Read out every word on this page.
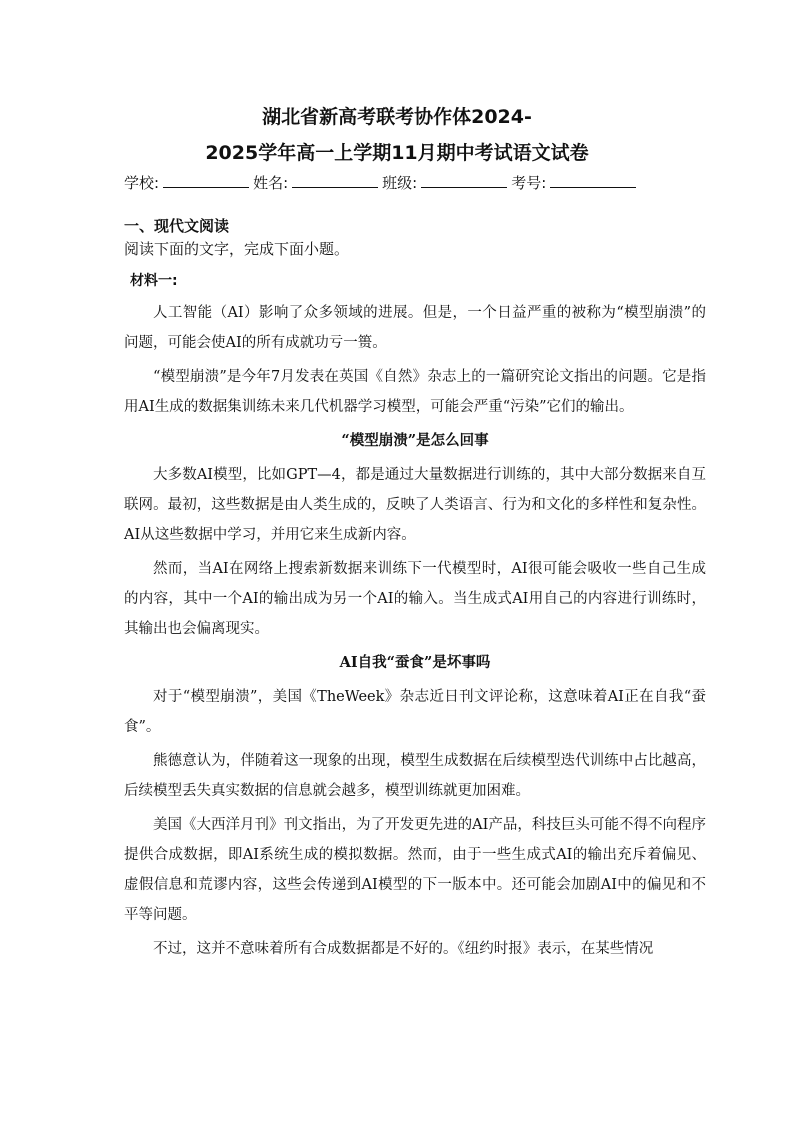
湖北省新高考联考协作体2024-
2025学年高一上学期11月期中考试语文试卷
学校:	姓名:	班级:	考号:
一、现代文阅读
阅读下面的文字，完成下面小题。
材料一:

人工智能（AI）影响了众多领域的进展。但是，一个日益严重的被称为“模型崩溃”的问题，可能会使AI的所有成就功亏一篑。

“模型崩溃”是今年7月发表在英国《自然》杂志上的一篇研究论文指出的问题。它是指用AI生成的数据集训练未来几代机器学习模型，可能会严重“污染”它们的输出。

“模型崩溃”是怎么回事

大多数AI模型，比如GPT—4，都是通过大量数据进行训练的，其中大部分数据来自互联网。最初，这些数据是由人类生成的，反映了人类语言、行为和文化的多样性和复杂性。AI从这些数据中学习，并用它来生成新内容。

然而，当AI在网络上搜索新数据来训练下一代模型时，AI很可能会吸收一些自己生成的内容，其中一个AI的输出成为另一个AI的输入。当生成式AI用自己的内容进行训练时，其输出也会偏离现实。

AI自我“蚕食”是坏事吗

对于“模型崩溃”，美国《TheWeek》杂志近日刊文评论称，这意味着AI正在自我“蚕食”。

熊德意认为，伴随着这一现象的出现，模型生成数据在后续模型迭代训练中占比越高，后续模型丢失真实数据的信息就会越多，模型训练就更加困难。

美国《大西洋月刊》刊文指出，为了开发更先进的AI产品，科技巨头可能不得不向程序提供合成数据，即AI系统生成的模拟数据。然而，由于一些生成式AI的输出充斥着偏见、虚假信息和荒谬内容，这些会传递到AI模型的下一版本中。还可能会加剧AI中的偏见和不平等问题。

不过，这并不意味着所有合成数据都是不好的。《纽约时报》表示，在某些情况
